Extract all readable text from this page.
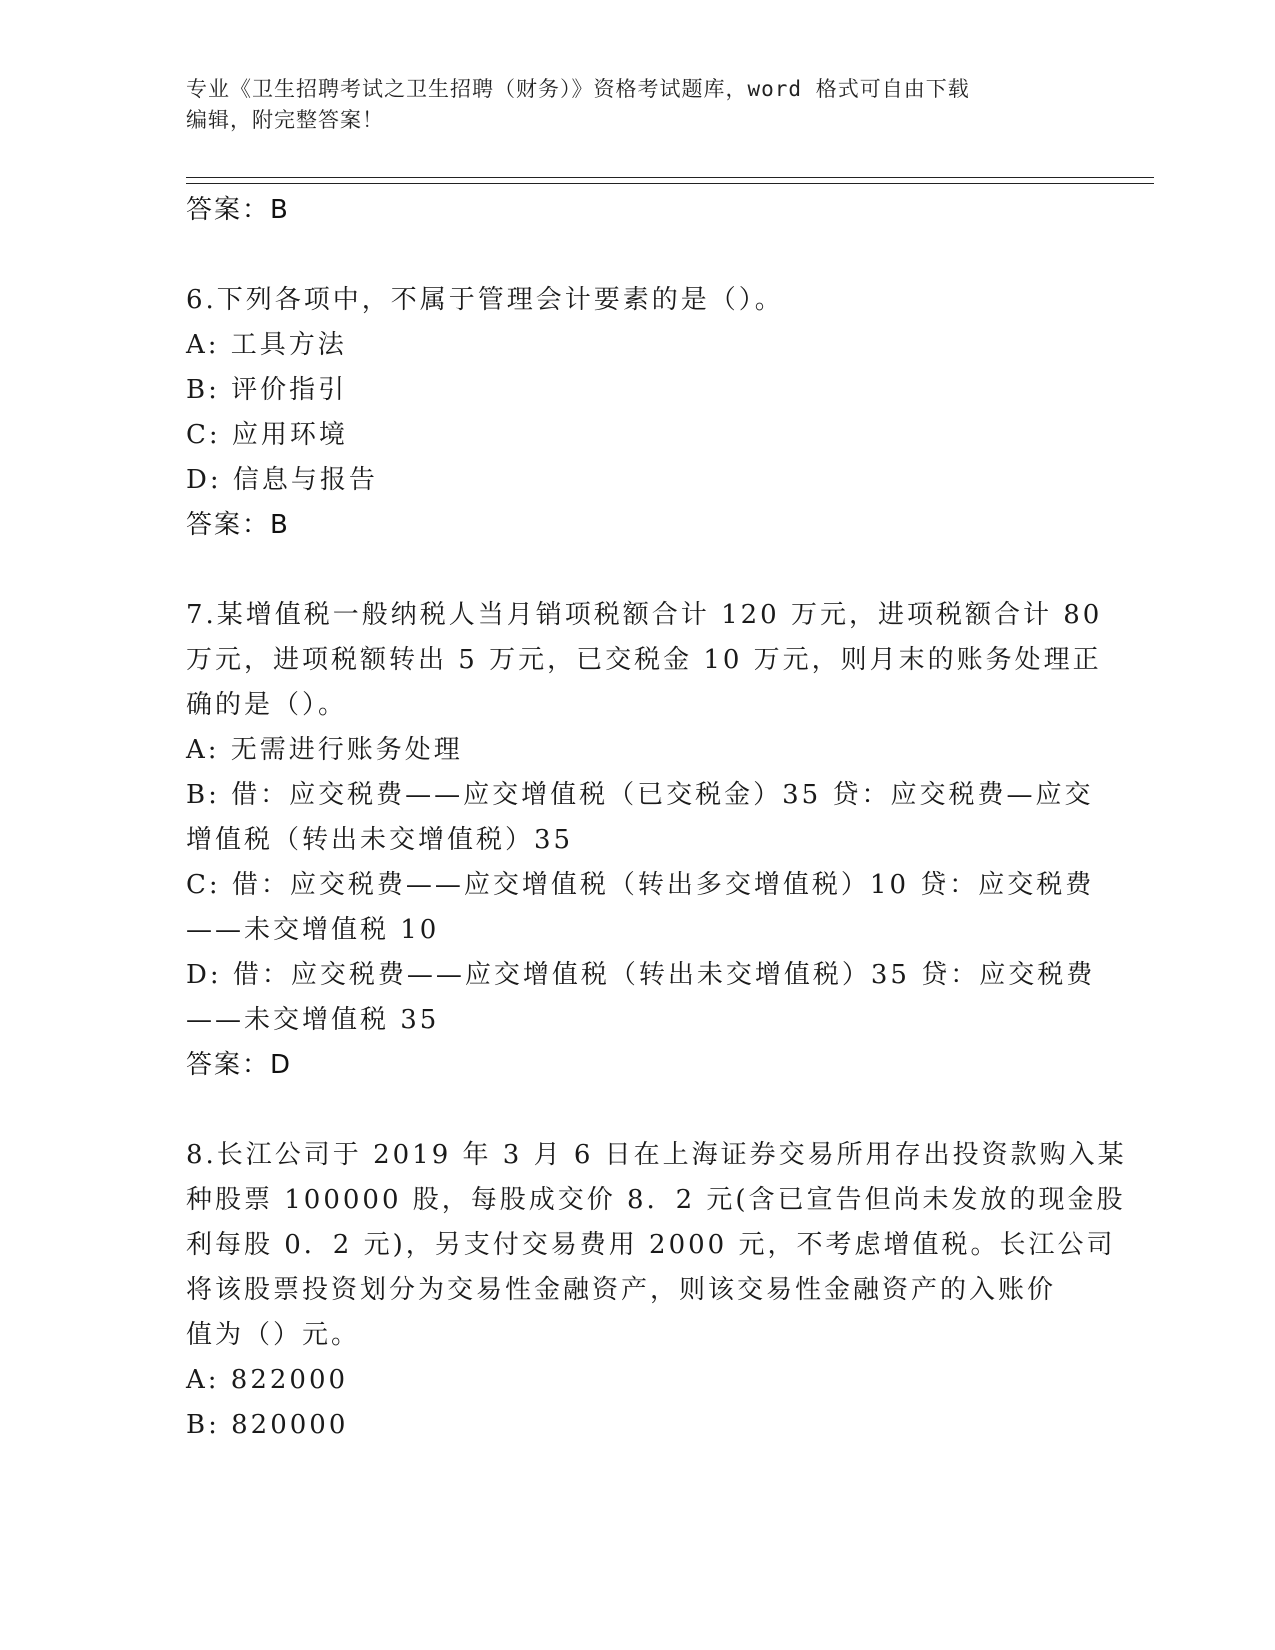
专业《卫生招聘考试之卫生招聘（财务）》资格考试题库，word 格式可自由下载
编辑，附完整答案！
答案：B
6.下列各项中，不属于管理会计要素的是（）。
A: 工具方法
B: 评价指引
C: 应用环境
D: 信息与报告
答案：B
7.某增值税一般纳税人当月销项税额合计 120 万元，进项税额合计 80
万元，进项税额转出 5 万元，已交税金 10 万元，则月末的账务处理正
确的是（）。
A: 无需进行账务处理
B: 借：应交税费——应交增值税（已交税金）35 贷：应交税费—应交
增值税（转出未交增值税）35
C: 借：应交税费——应交增值税（转出多交增值税）10 贷：应交税费
——未交增值税 10
D: 借：应交税费——应交增值税（转出未交增值税）35 贷：应交税费
——未交增值税 35
答案：D
8.长江公司于 2019 年 3 月 6 日在上海证券交易所用存出投资款购入某
种股票 100000 股，每股成交价 8．2 元(含已宣告但尚未发放的现金股
利每股 0．2 元)，另支付交易费用 2000 元，不考虑增值税。长江公司
将该股票投资划分为交易性金融资产，则该交易性金融资产的入账价
值为（）元。
A: 822000
B: 820000
